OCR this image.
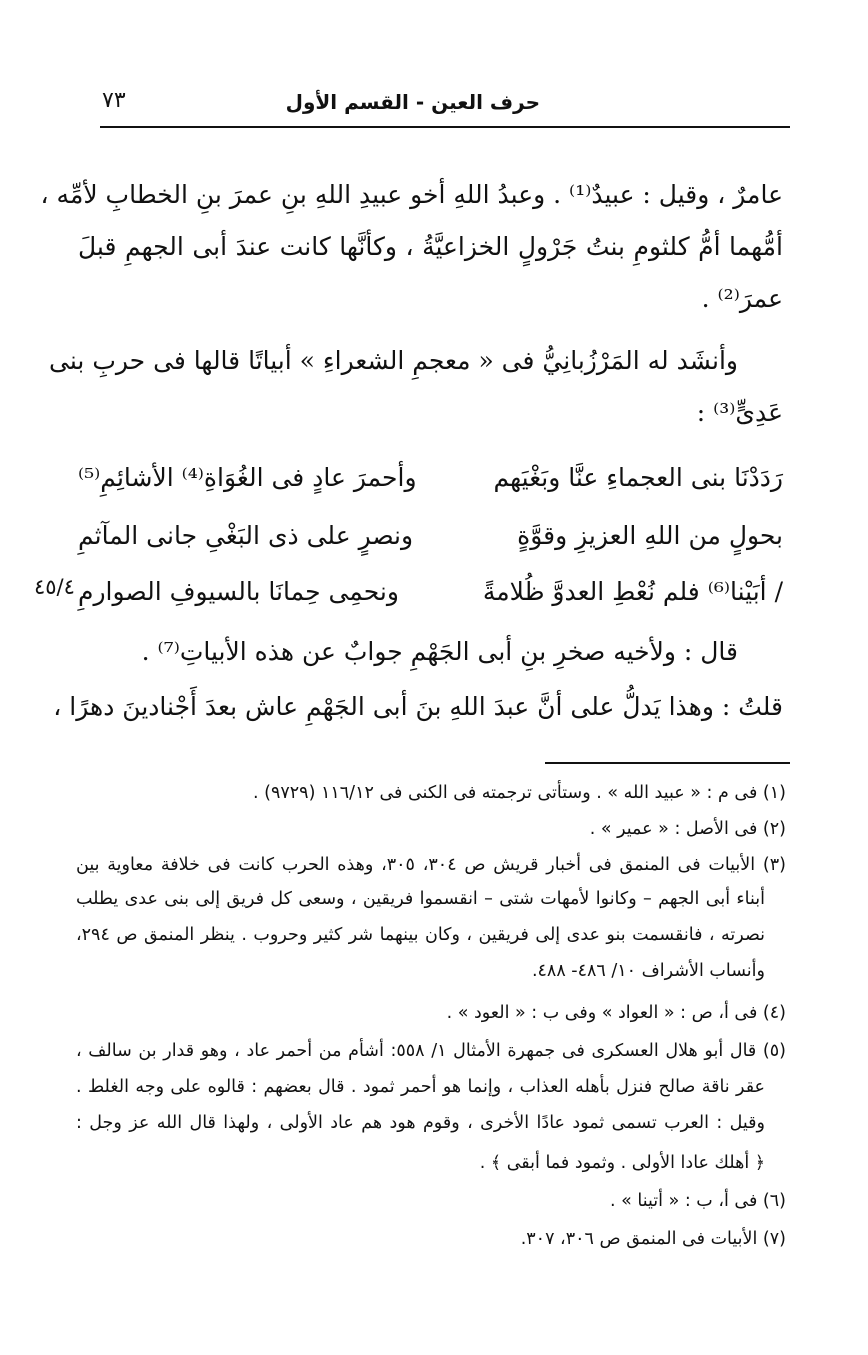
حرف العين - القسم الأول
٧٣
عامرٌ ، وقيل : عبيدٌ⁽¹⁾ . وعبدُ اللهِ أخو عبيدِ اللهِ بنِ عمرَ بنِ الخطابِ لأمِّه ،
أمُّهما أمُّ كلثومِ بنتُ جَرْولٍ الخزاعيَّةُ ، وكأنَّها كانت عندَ أبى الجهمِ قبلَ
عمرَ⁽²⁾ .
وأنشَد له المَرْزُبانِيُّ فى « معجمِ الشعراءِ » أبياتًا قالها فى حربِ بنى
عَدِىٍّ⁽³⁾ :
رَدَدْنَا بنى العجماءِ عنَّا وبَغْيَهم
وأحمرَ عادٍ فى الغُوَاةِ⁽⁴⁾ الأشائِمِ⁽⁵⁾
بحولٍ من اللهِ العزيزِ وقوَّةٍ
ونصرٍ على ذى البَغْىِ جانى المآثمِ
/ أبَيْنا⁽⁶⁾ فلم نُعْطِ العدوَّ ظُلامةً
ونحمِى حِمانَا بالسيوفِ الصوارمِ
٤٥/٤
قال : ولأخيه صخرِ بنِ أبى الجَهْمِ جوابٌ عن هذه الأبياتِ⁽⁷⁾ .
قلتُ : وهذا يَدلُّ على أنَّ عبدَ اللهِ بنَ أبى الجَهْمِ عاش بعدَ أَجْنادينَ دهرًا ،
(١) فى م : « عبيد الله » . وستأتى ترجمته فى الكنى فى ١١٦/١٢ (٩٧٢٩) .
(٢) فى الأصل : « عمير » .
(٣) الأبيات فى المنمق فى أخبار قريش ص ٣٠٤، ٣٠٥، وهذه الحرب كانت فى خلافة معاوية بين
أبناء أبى الجهم – وكانوا لأمهات شتى – انقسموا فريقين ، وسعى كل فريق إلى بنى عدى يطلب
نصرته ، فانقسمت بنو عدى إلى فريقين ، وكان بينهما شر كثير وحروب . ينظر المنمق ص ٢٩٤،
وأنساب الأشراف ١٠/ ٤٨٦- ٤٨٨.
(٤) فى أ، ص : « العواد » وفى ب : « العود » .
(٥) قال أبو هلال العسكرى فى جمهرة الأمثال ١/ ٥٥٨: أشأم من أحمر عاد ، وهو قدار بن سالف ،
عقر ناقة صالح فنزل بأهله العذاب ، وإنما هو أحمر ثمود . قال بعضهم : قالوه على وجه الغلط .
وقيل : العرب تسمى ثمود عادًا الأخرى ، وقوم هود هم عاد الأولى ، ولهذا قال الله عز وجل :
﴿ أهلك عادا الأولى . وثمود فما أبقى ﴾ .
(٦) فى أ، ب : « أتينا » .
(٧) الأبيات فى المنمق ص ٣٠٦، ٣٠٧.
